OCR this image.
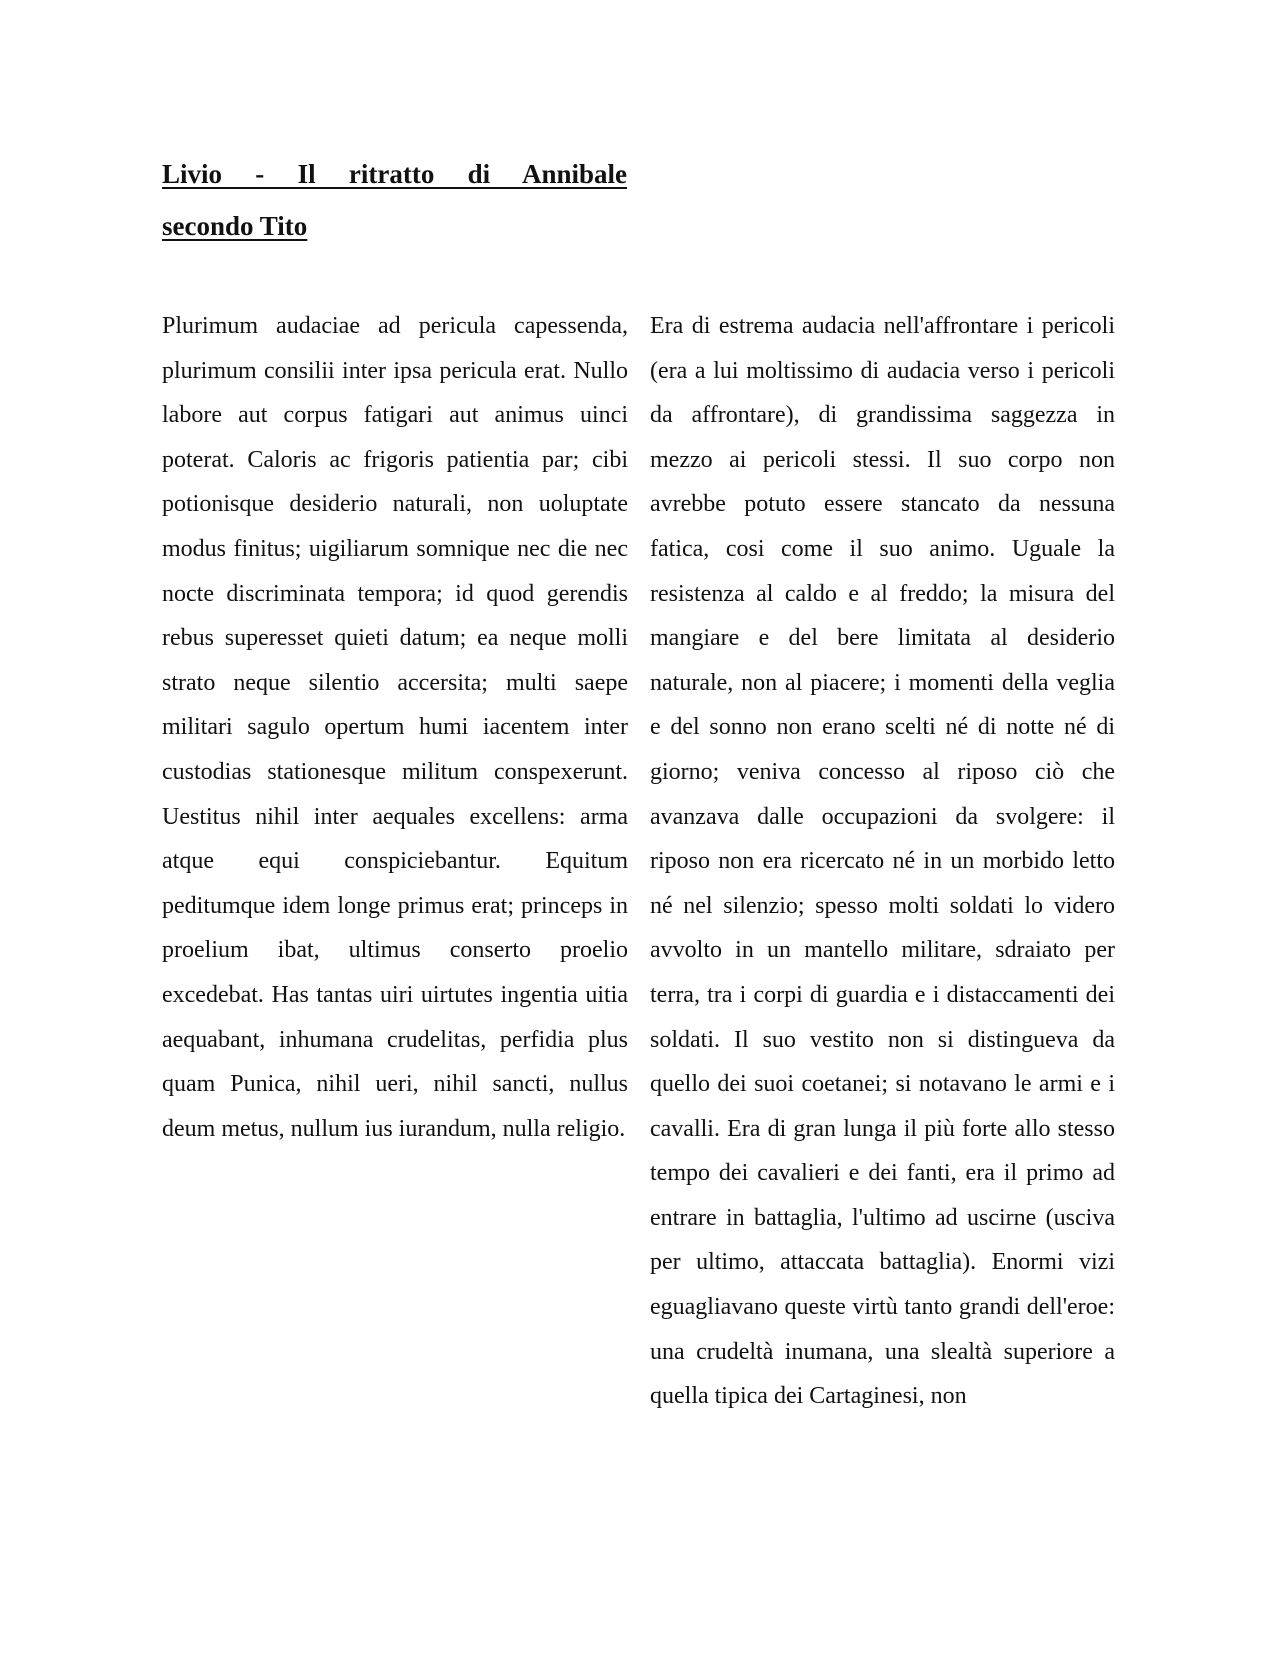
Livio - Il ritratto di Annibale
secondo Tito

Plurimum audaciae ad pericula capessenda, plurimum consilii inter ipsa pericula erat. Nullo labore aut corpus fatigari aut animus uinci poterat. Caloris ac frigoris patientia par; cibi potionisque desiderio naturali, non uoluptate modus finitus; uigiliarum somnique nec die nec nocte discriminata tempora; id quod gerendis rebus superesset quieti datum; ea neque molli strato neque silentio accersita; multi saepe militari sagulo opertum humi iacentem inter custodias stationesque militum conspexerunt. Uestitus nihil inter aequales excellens: arma atque equi conspiciebantur. Equitum peditumque idem longe primus erat; princeps in proelium ibat, ultimus conserto proelio excedebat. Has tantas uiri uirtutes ingentia uitia aequabant, inhumana crudelitas, perfidia plus quam Punica, nihil ueri, nihil sancti, nullus deum metus, nullum ius iurandum, nulla religio.

Era di estrema audacia nell'affrontare i pericoli (era a lui moltissimo di audacia verso i pericoli da affrontare), di grandissima saggezza in mezzo ai pericoli stessi. Il suo corpo non avrebbe potuto essere stancato da nessuna fatica, cosi come il suo animo. Uguale la resistenza al caldo e al freddo; la misura del mangiare e del bere limitata al desiderio naturale, non al piacere; i momenti della veglia e del sonno non erano scelti né di notte né di giorno; veniva concesso al riposo ciò che avanzava dalle occupazioni da svolgere: il riposo non era ricercato né in un morbido letto né nel silenzio; spesso molti soldati lo videro avvolto in un mantello militare, sdraiato per terra, tra i corpi di guardia e i distaccamenti dei soldati. Il suo vestito non si distingueva da quello dei suoi coetanei; si notavano le armi e i cavalli. Era di gran lunga il più forte allo stesso tempo dei cavalieri e dei fanti, era il primo ad entrare in battaglia, l'ultimo ad uscirne (usciva per ultimo, attaccata battaglia). Enormi vizi eguagliavano queste virtù tanto grandi dell'eroe: una crudeltà inumana, una slealtà superiore a quella tipica dei Cartaginesi, non
